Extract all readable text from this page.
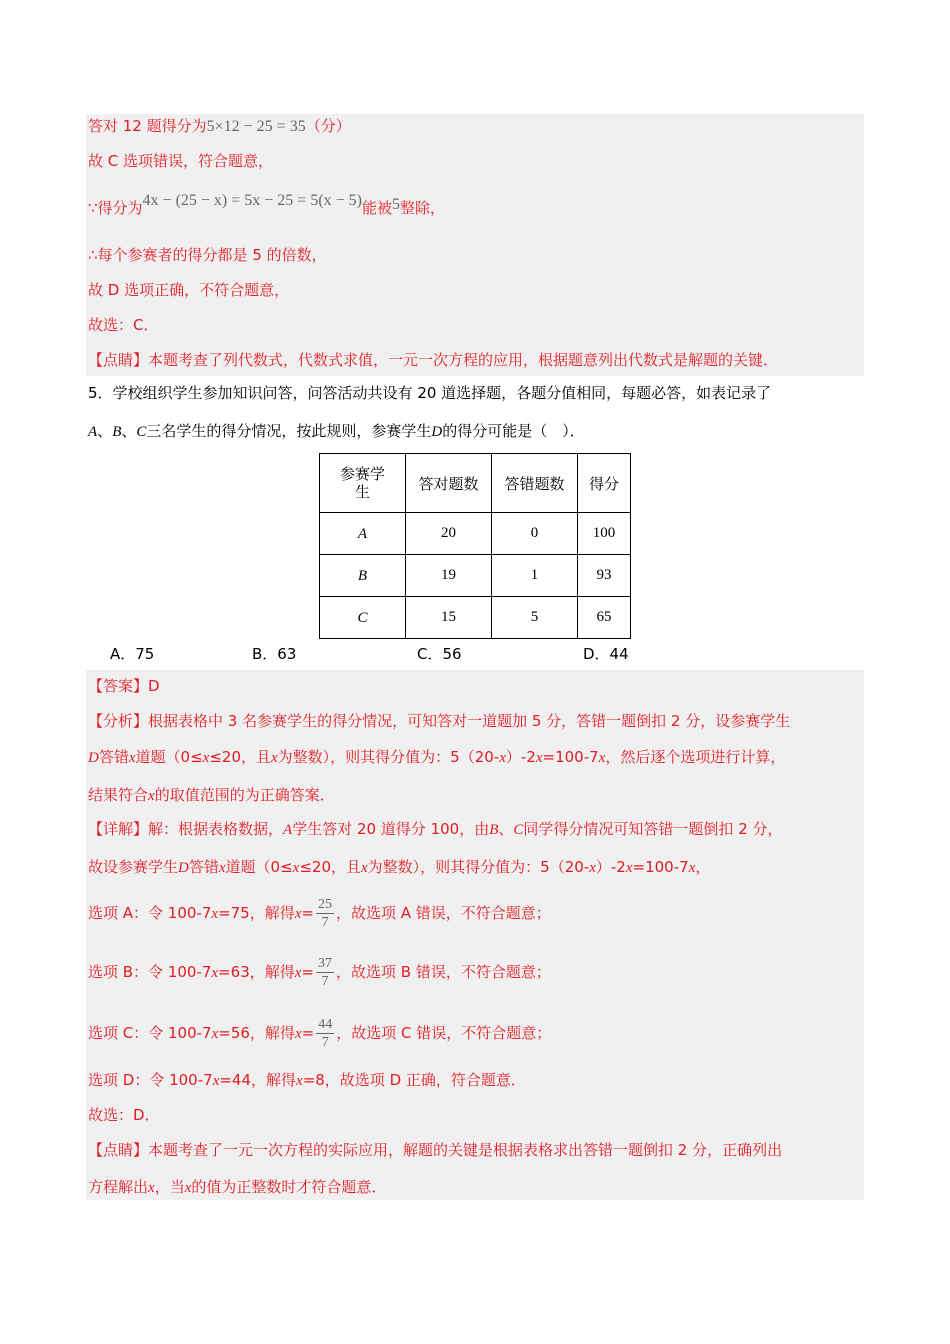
答对 12 题得分为5×12 − 25 = 35（分）
故 C 选项错误，符合题意，
∵得分为4x − (25 − x) = 5x − 25 = 5(x − 5)能被5整除，
∴每个参赛者的得分都是 5 的倍数，
故 D 选项正确，不符合题意，
故选：C．
【点睛】本题考查了列代数式，代数式求值，一元一次方程的应用，根据题意列出代数式是解题的关键．
5．学校组织学生参加知识问答，问答活动共设有 20 道选择题，各题分值相同，每题必答，如表记录了
A、B、C三名学生的得分情况，按此规则，参赛学生D的得分可能是（　）．
参赛学生	答对题数	答错题数	得分
A	20	0	100
B	19	1	93
C	15	5	65
A．75	B．63	C．56	D．44
【答案】D
【分析】根据表格中 3 名参赛学生的得分情况，可知答对一道题加 5 分，答错一题倒扣 2 分，设参赛学生
D答错x道题（0≤x≤20，且x为整数），则其得分值为：5（20-x）-2x=100-7x，然后逐个选项进行计算，
结果符合x的取值范围的为正确答案．
【详解】解：根据表格数据，A学生答对 20 道得分 100，由B、C同学得分情况可知答错一题倒扣 2 分，
故设参赛学生D答错x道题（0≤x≤20，且x为整数），则其得分值为：5（20-x）-2x=100-7x，
选项 A：令 100-7x=75，解得$x= \frac{25}{7}$ ，故选项 A 错误，不符合题意；
选项 B：令 100-7x=63，解得$x= \frac{37}{7}$ ，故选项 B 错误，不符合题意；
选项 C：令 100-7x=56，解得$x= \frac{44}{7}$ ，故选项 C 错误，不符合题意；
选项 D：令 100-7x=44，解得x=8，故选项 D 正确，符合题意．
故选：D．
【点睛】本题考查了一元一次方程的实际应用，解题的关键是根据表格求出答错一题倒扣 2 分，正确列出
方程解出x，当x的值为正整数时才符合题意．
